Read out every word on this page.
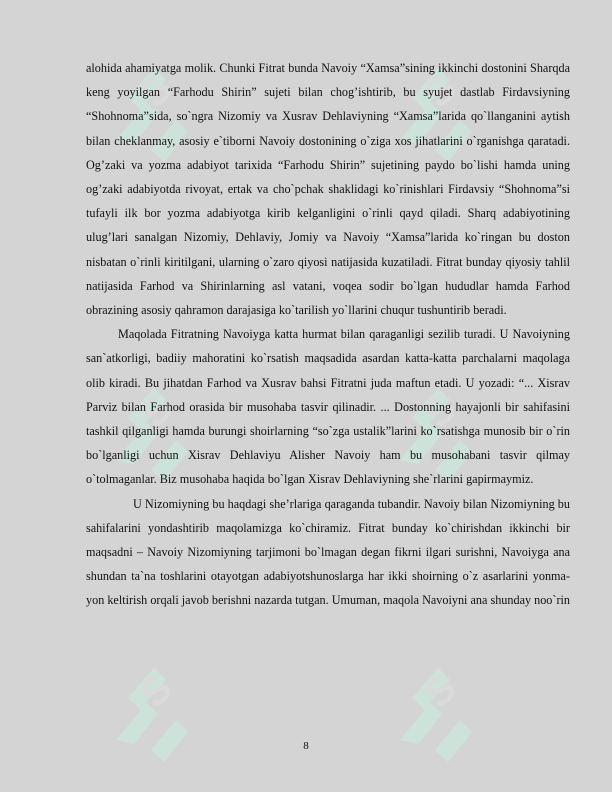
S	S
S	S
S	S

alohida ahamiyatga molik. Chunki Fitrat bunda Navoiy “Xamsa”sining ikkinchi dostonini Sharqda keng yoyilgan “Farhodu Shirin” sujeti bilan chog’ishtirib, bu syujet dastlab Firdavsiyning “Shohnoma”sida, so`ngra Nizomiy va Xusrav Dehlaviyning “Xamsa”larida qo`llanganini aytish bilan cheklanmay, asosiy e`tiborni Navoiy dostonining o`ziga xos jihatlarini o`rganishga qaratadi. Og’zaki va yozma adabiyot tarixida “Farhodu Shirin” sujetining paydo bo`lishi hamda uning og’zaki adabiyotda rivoyat, ertak va cho`pchak shaklidagi ko`rinishlari Firdavsiy “Shohnoma”si tufayli ilk bor yozma adabiyotga kirib kelganligini o`rinli qayd qiladi. Sharq adabiyotining ulug’lari sanalgan Nizomiy, Dehlaviy, Jomiy va Navoiy “Xamsa”larida ko`ringan bu doston nisbatan o`rinli kiritilgani, ularning o`zaro qiyosi natijasida kuzatiladi. Fitrat bunday qiyosiy tahlil natijasida Farhod va Shirinlarning asl vatani, voqea sodir bo`lgan hududlar hamda Farhod obrazining asosiy qahramon darajasiga ko`tarilish yo`llarini chuqur tushuntirib beradi.

Maqolada Fitratning Navoiyga katta hurmat bilan qaraganligi sezilib turadi. U Navoiyning san`atkorligi, badiiy mahoratini ko`rsatish maqsadida asardan katta-katta parchalarni maqolaga olib kiradi. Bu jihatdan Farhod va Xusrav bahsi Fitratni juda maftun etadi. U yozadi: “... Xisrav Parviz bilan Farhod orasida bir musohaba tasvir qilinadir. ... Dostonning hayajonli bir sahifasini tashkil qilganligi hamda burungi shoirlarning “so`zga ustalik”larini ko`rsatishga munosib bir o`rin bo`lganligi uchun Xisrav Dehlaviyu Alisher Navoiy ham bu musohabani tasvir qilmay o`tolmaganlar. Biz musohaba haqida bo`lgan Xisrav Dehlaviyning she`rlarini gapirmaymiz.

U Nizomiyning bu haqdagi she’rlariga qaraganda tubandir. Navoiy bilan Nizomiyning bu sahifalarini yondashtirib maqolamizga ko`chiramiz. Fitrat bunday ko`chirishdan ikkinchi bir maqsadni – Navoiy Nizomiyning tarjimoni bo`lmagan degan fikrni ilgari surishni, Navoiyga ana shundan ta`na toshlarini otayotgan adabiyotshunoslarga har ikki shoirning o`z asarlarini yonma-yon keltirish orqali javob berishni nazarda tutgan. Umuman, maqola Navoiyni ana shunday noo`rin

8
